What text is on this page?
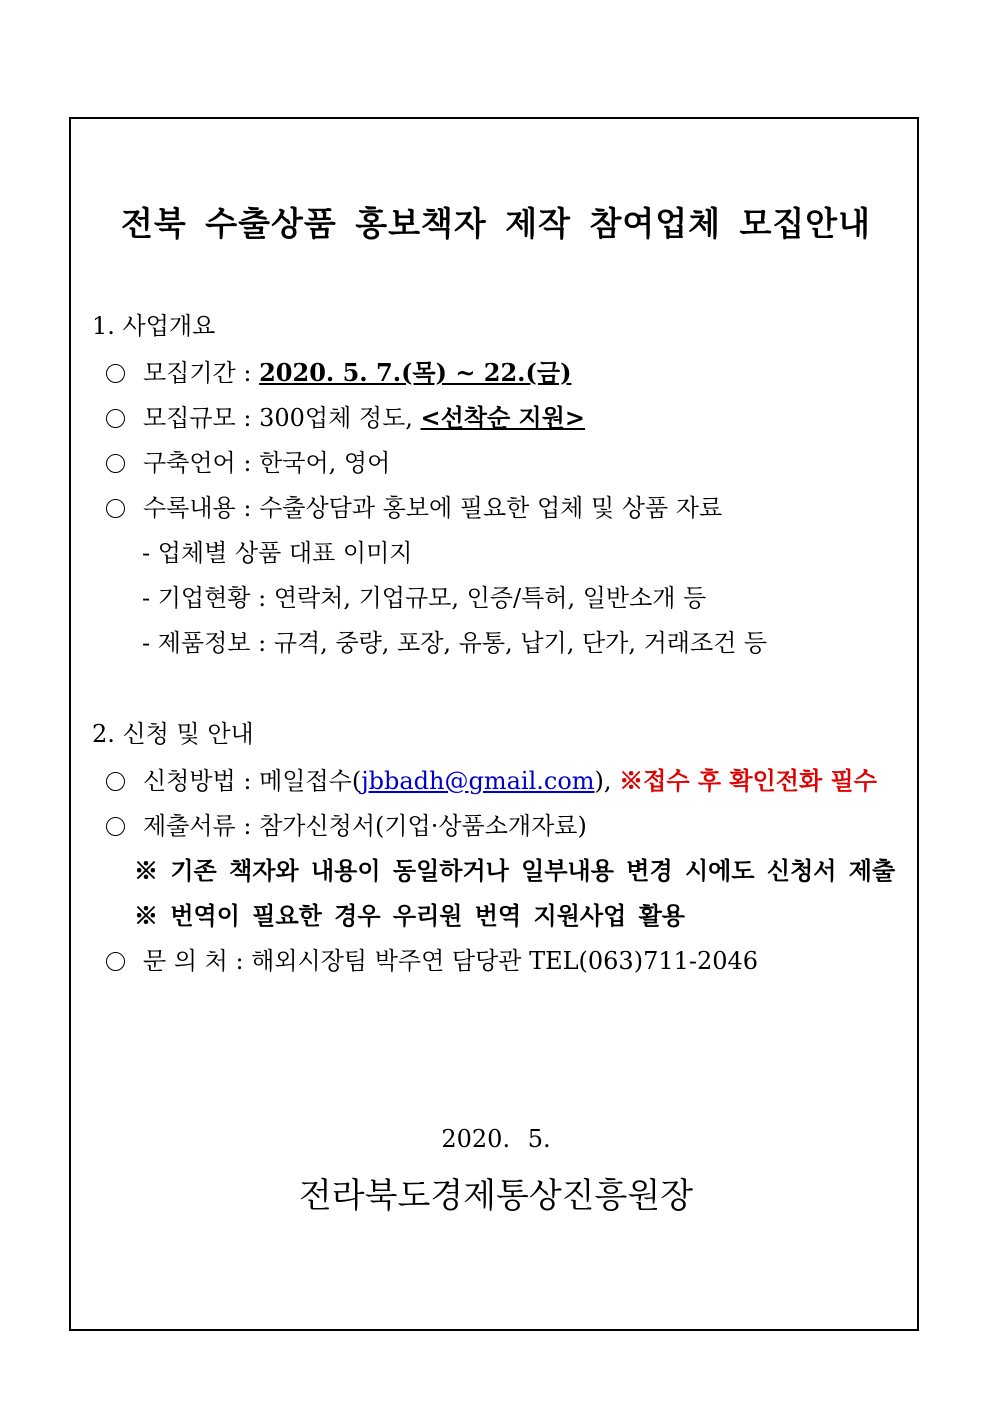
전북 수출상품 홍보책자 제작 참여업체 모집안내
1. 사업개요
모집기간 : 2020. 5. 7.(목) ~ 22.(금)
모집규모 : 300업체 정도, <선착순 지원>
구축언어 : 한국어, 영어
수록내용 : 수출상담과 홍보에 필요한 업체 및 상품 자료
- 업체별 상품 대표 이미지
- 기업현황 : 연락처, 기업규모, 인증/특허, 일반소개 등
- 제품정보 : 규격, 중량, 포장, 유통, 납기, 단가, 거래조건 등
2. 신청 및 안내
신청방법 : 메일접수(jbbadh@gmail.com), ※접수 후 확인전화 필수
제출서류 : 참가신청서(기업·상품소개자료)
※ 기존 책자와 내용이 동일하거나 일부내용 변경 시에도 신청서 제출
※ 번역이 필요한 경우 우리원 번역 지원사업 활용
문 의 처 : 해외시장팀 박주연 담당관 TEL(063)711-2046
2020. 5.
전라북도경제통상진흥원장
